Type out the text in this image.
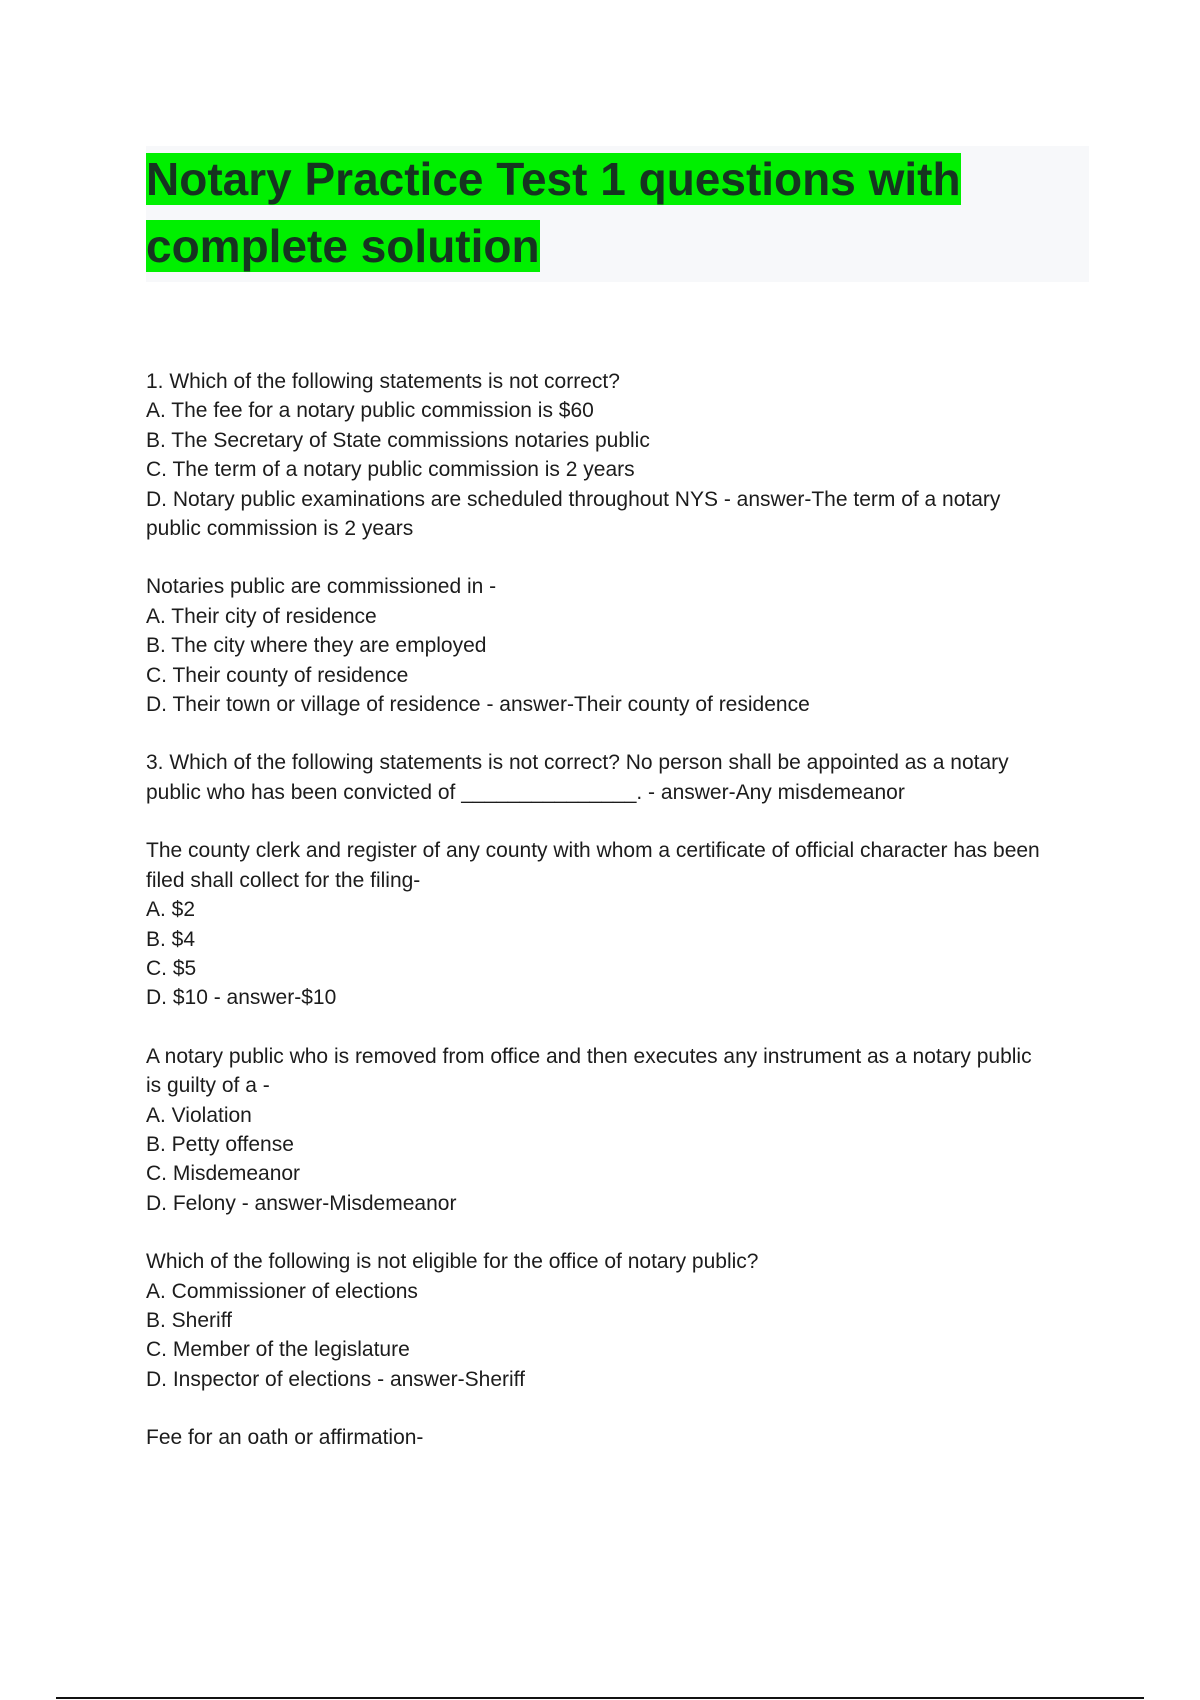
Notary Practice Test 1 questions with
complete solution
1. Which of the following statements is not correct?
A. The fee for a notary public commission is $60
B. The Secretary of State commissions notaries public
C. The term of a notary public commission is 2 years
D. Notary public examinations are scheduled throughout NYS - answer-The term of a notary
public commission is 2 years
Notaries public are commissioned in -
A. Their city of residence
B. The city where they are employed
C. Their county of residence
D. Their town or village of residence - answer-Their county of residence
3. Which of the following statements is not correct? No person shall be appointed as a notary
public who has been convicted of _______________. - answer-Any misdemeanor
The county clerk and register of any county with whom a certificate of official character has been
filed shall collect for the filing-
A. $2
B. $4
C. $5
D. $10 - answer-$10
A notary public who is removed from office and then executes any instrument as a notary public
is guilty of a -
A. Violation
B. Petty offense
C. Misdemeanor
D. Felony - answer-Misdemeanor
Which of the following is not eligible for the office of notary public?
A. Commissioner of elections
B. Sheriff
C. Member of the legislature
D. Inspector of elections - answer-Sheriff
Fee for an oath or affirmation-
